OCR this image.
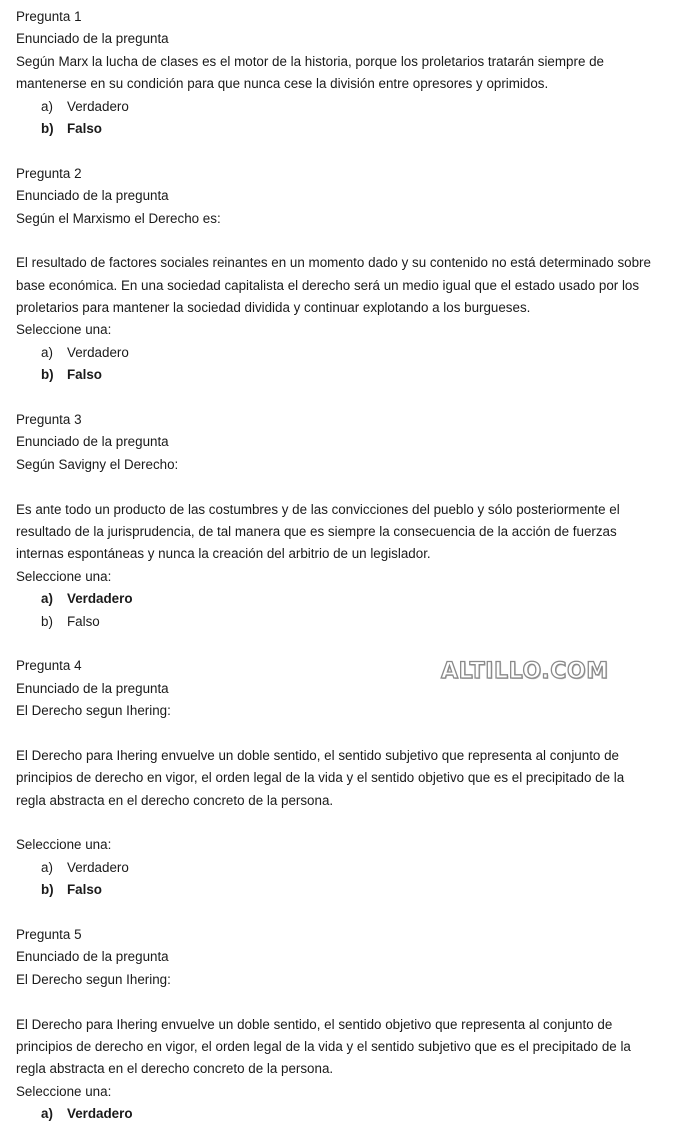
Pregunta 1
Enunciado de la pregunta
Según Marx la lucha de clases es el motor de la historia, porque los proletarios tratarán siempre de
mantenerse en su condición para que nunca cese la división entre opresores y oprimidos.
a) Verdadero
b) Falso
Pregunta 2
Enunciado de la pregunta
Según el Marxismo el Derecho es:
El resultado de factores sociales reinantes en un momento dado y su contenido no está determinado sobre
base económica. En una sociedad capitalista el derecho será un medio igual que el estado usado por los
proletarios para mantener la sociedad dividida y continuar explotando a los burgueses.
Seleccione una:
a) Verdadero
b) Falso
Pregunta 3
Enunciado de la pregunta
Según Savigny el Derecho:
Es ante todo un producto de las costumbres y de las convicciones del pueblo y sólo posteriormente el
resultado de la jurisprudencia, de tal manera que es siempre la consecuencia de la acción de fuerzas
internas espontáneas y nunca la creación del arbitrio de un legislador.
Seleccione una:
a) Verdadero
b) Falso
Pregunta 4
Enunciado de la pregunta
El Derecho segun Ihering:
El Derecho para Ihering envuelve un doble sentido, el sentido subjetivo que representa al conjunto de
principios de derecho en vigor, el orden legal de la vida y el sentido objetivo que es el precipitado de la
regla abstracta en el derecho concreto de la persona.
Seleccione una:
a) Verdadero
b) Falso
Pregunta 5
Enunciado de la pregunta
El Derecho segun Ihering:
El Derecho para Ihering envuelve un doble sentido, el sentido objetivo que representa al conjunto de
principios de derecho en vigor, el orden legal de la vida y el sentido subjetivo que es el precipitado de la
regla abstracta en el derecho concreto de la persona.
Seleccione una:
a) Verdadero
ALTILLO.COM
